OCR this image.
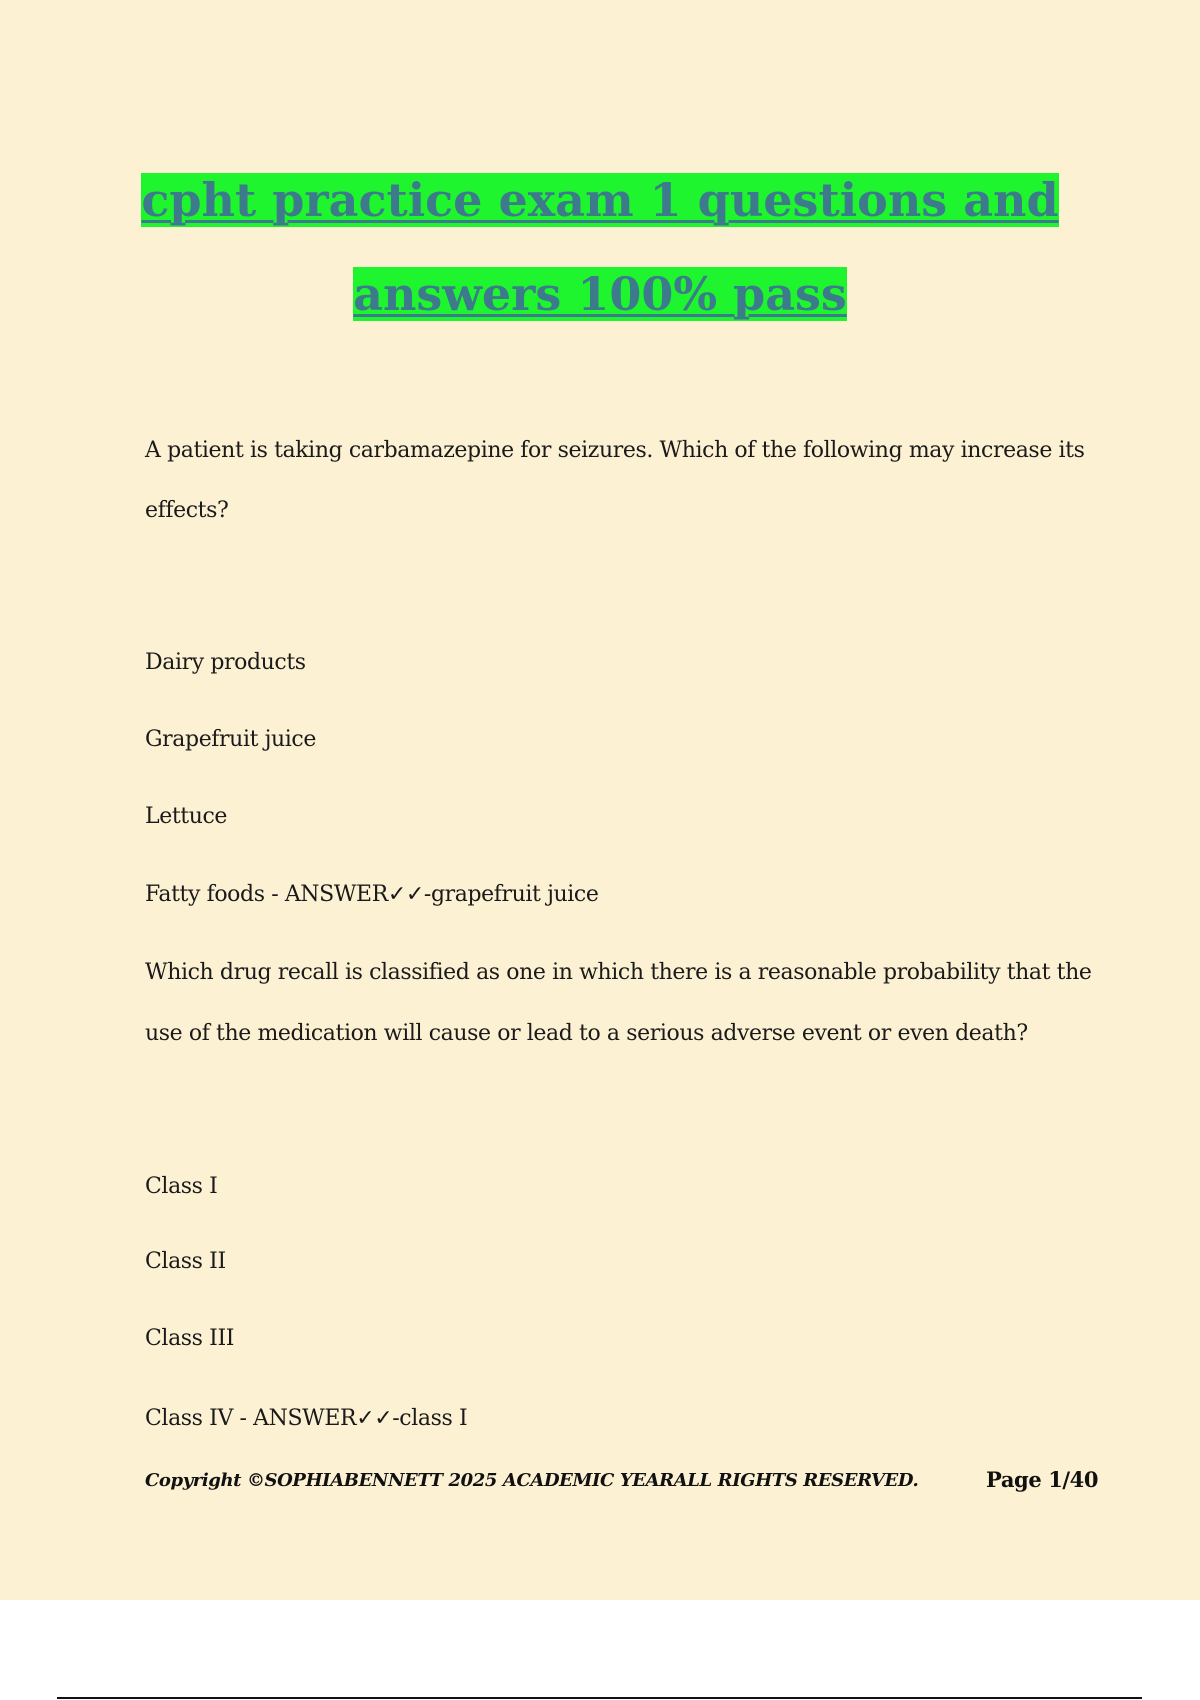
cpht practice exam 1 questions and
answers 100% pass
A patient is taking carbamazepine for seizures. Which of the following may increase its
effects?
Dairy products
Grapefruit juice
Lettuce
Fatty foods - ANSWER✓✓-grapefruit juice
Which drug recall is classified as one in which there is a reasonable probability that the
use of the medication will cause or lead to a serious adverse event or even death?
Class I
Class II
Class III
Class IV - ANSWER✓✓-class I
Copyright ©SOPHIABENNETT 2025 ACADEMIC YEARALL RIGHTS RESERVED.	Page 1/40
